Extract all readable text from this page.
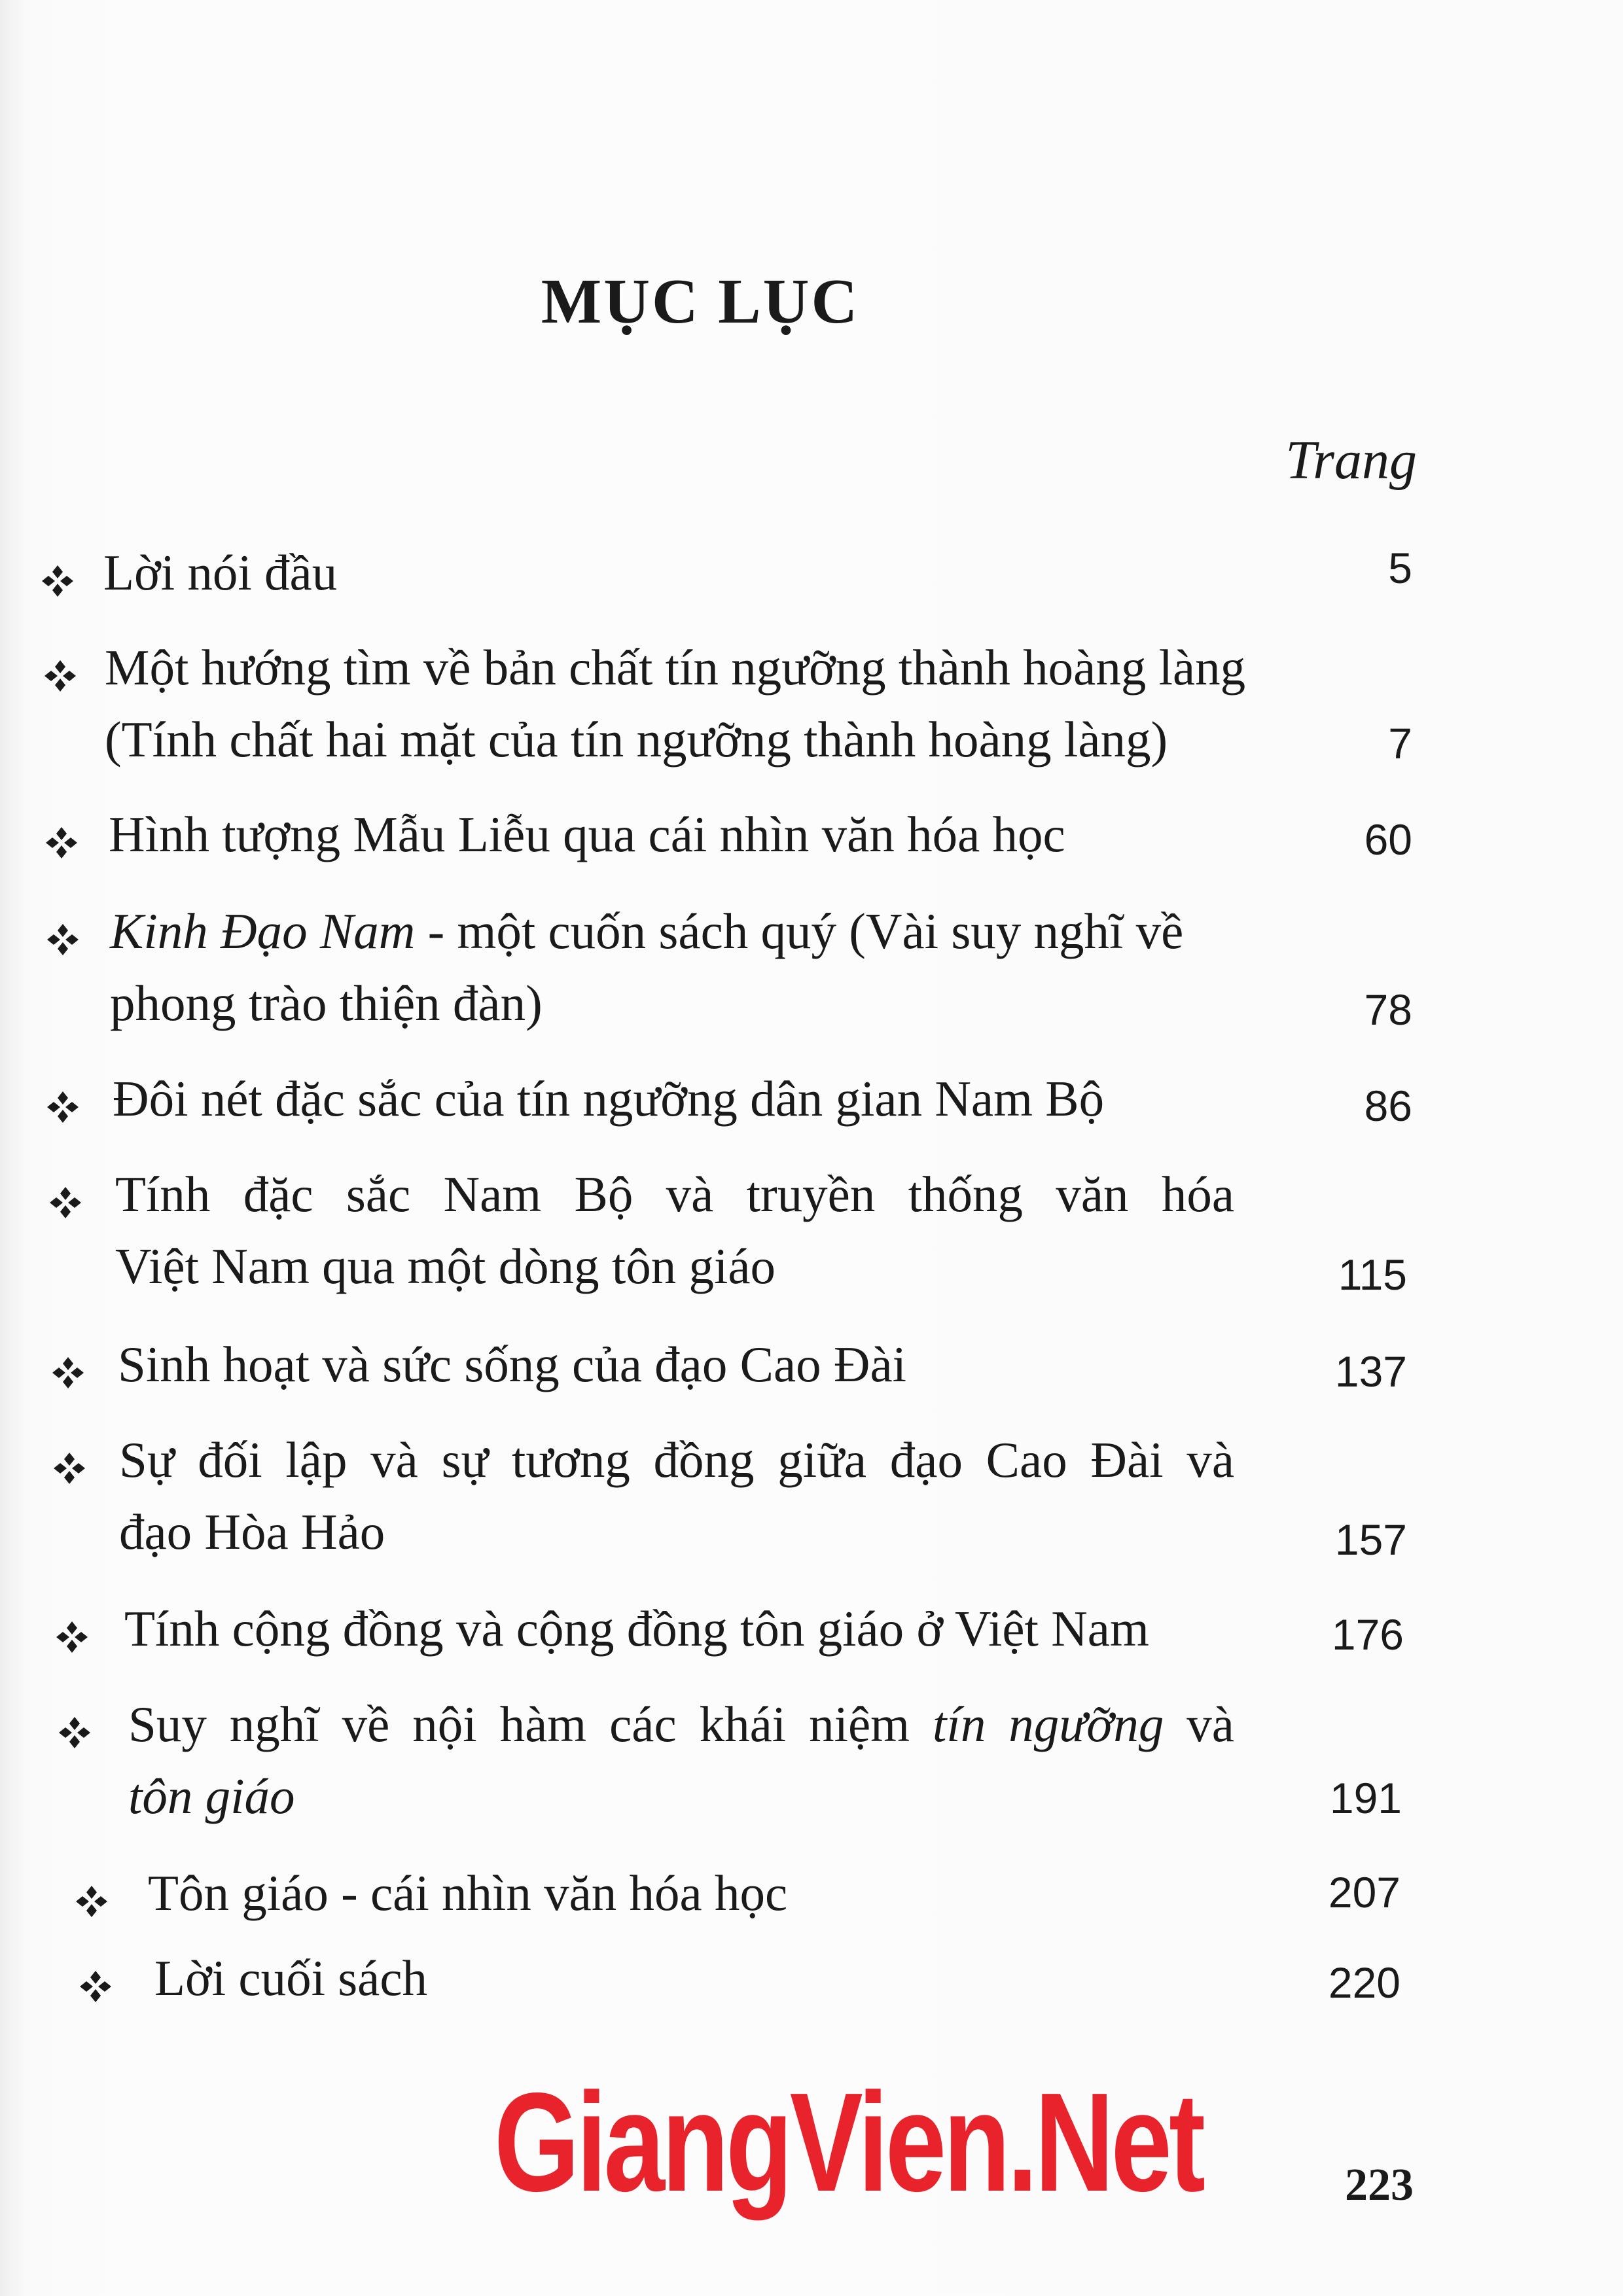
MỤC LỤC
Trang
Lời nói đầu	5
Một hướng tìm về bản chất tín ngưỡng thành hoàng làng
(Tính chất hai mặt của tín ngưỡng thành hoàng làng)	7
Hình tượng Mẫu Liễu qua cái nhìn văn hóa học	60
Kinh Đạo Nam - một cuốn sách quý (Vài suy nghĩ về
phong trào thiện đàn)	78
Đôi nét đặc sắc của tín ngưỡng dân gian Nam Bộ	86
Tính đặc sắc Nam Bộ và truyền thống văn hóa
Việt Nam qua một dòng tôn giáo	115
Sinh hoạt và sức sống của đạo Cao Đài	137
Sự đối lập và sự tương đồng giữa đạo Cao Đài và
đạo Hòa Hảo	157
Tính cộng đồng và cộng đồng tôn giáo ở Việt Nam	176
Suy nghĩ về nội hàm các khái niệm tín ngưỡng và
tôn giáo	191
Tôn giáo - cái nhìn văn hóa học	207
Lời cuối sách	220
GiangVien.Net	223
